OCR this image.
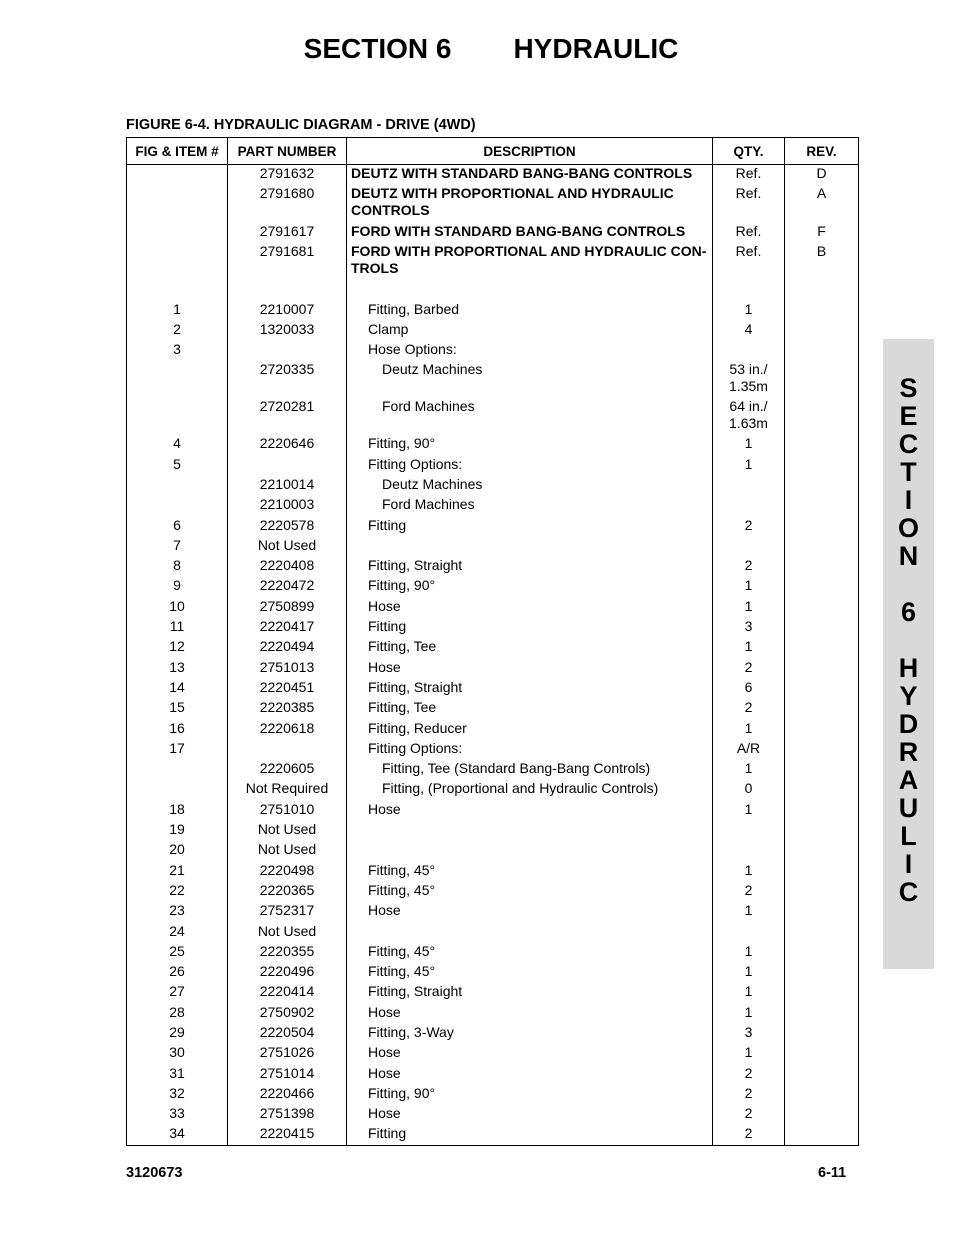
SECTION 6 HYDRAULIC
FIGURE 6-4. HYDRAULIC DIAGRAM - DRIVE (4WD)
FIG & ITEM #	PART NUMBER	DESCRIPTION	QTY.	REV.
	2791632	DEUTZ WITH STANDARD BANG-BANG CONTROLS	Ref.	D
	2791680	DEUTZ WITH PROPORTIONAL AND HYDRAULIC CONTROLS	Ref.	A
	2791617	FORD WITH STANDARD BANG-BANG CONTROLS	Ref.	F
	2791681	FORD WITH PROPORTIONAL AND HYDRAULIC CON-TROLS	Ref.	B
1	2210007	Fitting, Barbed	1	
2	1320033	Clamp	4	
3		Hose Options:		

	2720335	Deutz Machines	53 in./ 1.35m	
	2720281	Ford Machines	64 in./ 1.63m	
4	2220646	Fitting, 90°	1	
5		Fitting Options:	1	
	2210014	Deutz Machines		

	2210003	Ford Machines		

6	2220578	Fitting	2	
7	Not Used	

8	2220408	Fitting, Straight	2	
9	2220472	Fitting, 90°	1	
10	2750899	Hose	1	
11	2220417	Fitting	3	
12	2220494	Fitting, Tee	1	
13	2751013	Hose	2	
14	2220451	Fitting, Straight	6	
15	2220385	Fitting, Tee	2	
16	2220618	Fitting, Reducer	1	
17		Fitting Options:	A/R	
	2220605	Fitting, Tee (Standard Bang-Bang Controls)	1	
	Not Required	Fitting, (Proportional and Hydraulic Controls)	0	
18	2751010	Hose	1	
19	Not Used	

20	Not Used	

21	2220498	Fitting, 45°	1	
22	2220365	Fitting, 45°	2	
23	2752317	Hose	1	
24	Not Used	

25	2220355	Fitting, 45°	1	
26	2220496	Fitting, 45°	1	
27	2220414	Fitting, Straight	1	
28	2750902	Hose	1	
29	2220504	Fitting, 3-Way	3	
30	2751026	Hose	1	
31	2751014	Hose	2	
32	2220466	Fitting, 90°	2	
33	2751398	Hose	2	
34	2220415	Fitting	2	
3120673	6-11
S
E
C
T
I
O
N
6
H
Y
D
R
A
U
L
I
C
